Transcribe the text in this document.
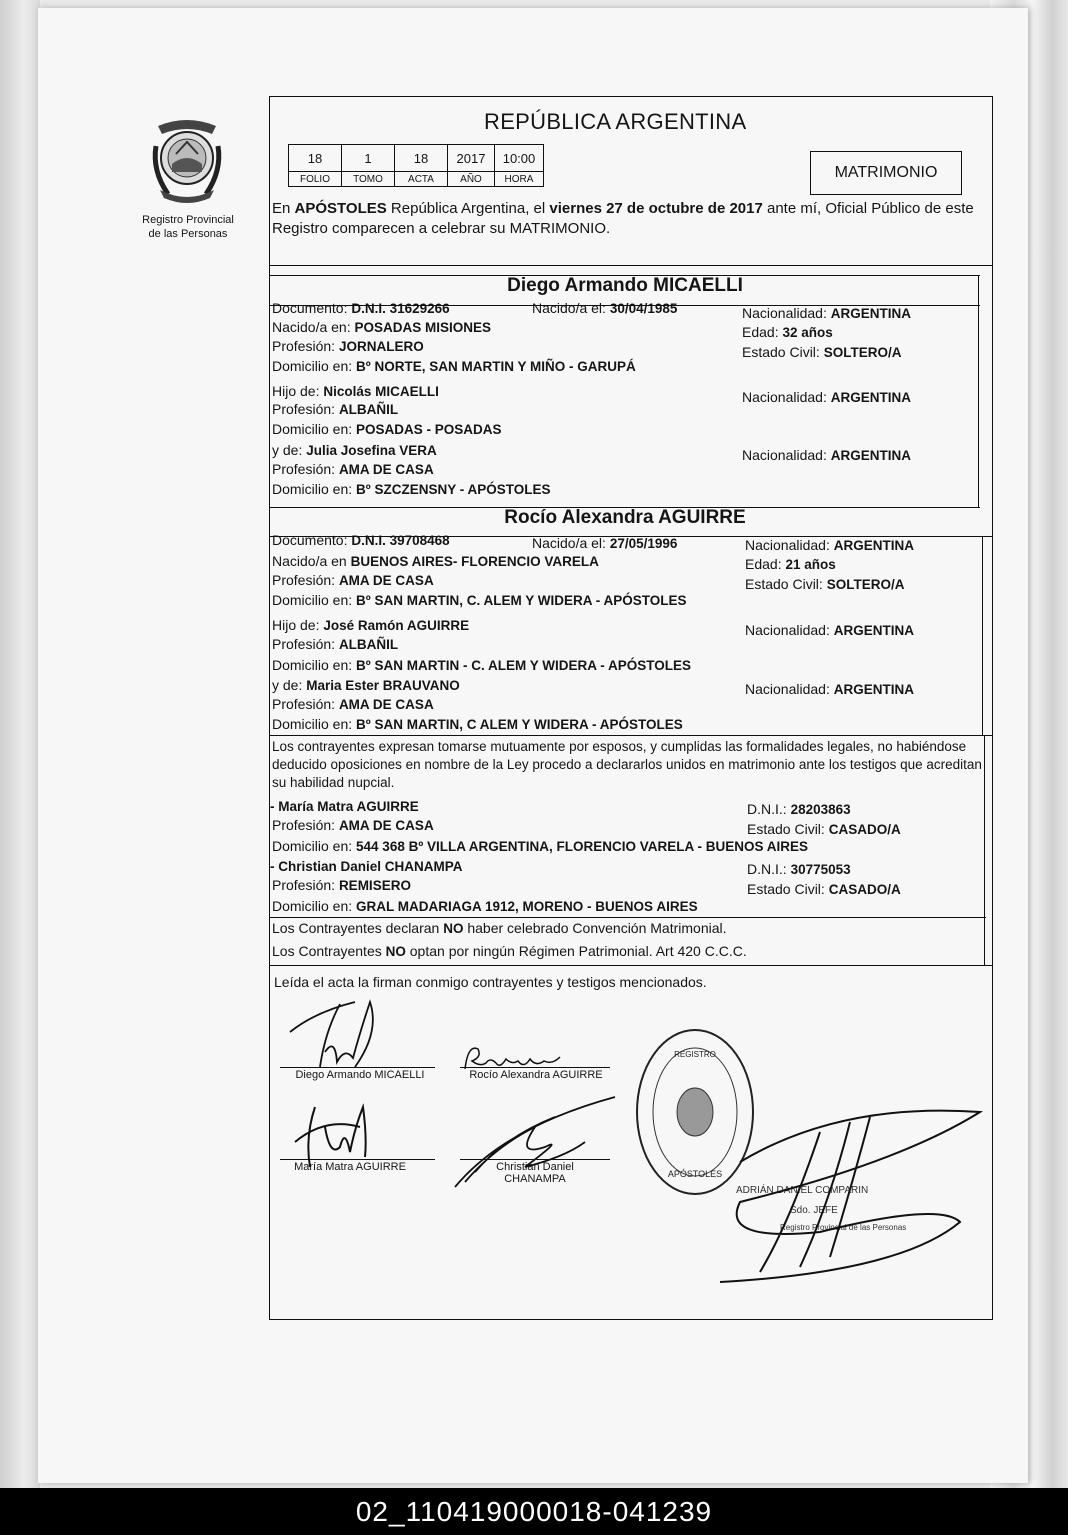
Registro Provincial
de las Personas
REPÚBLICA ARGENTINA
18	1	18	2017	10:00
FOLIO	TOMO	ACTA	AÑO	HORA	MATRIMONIO
En APÓSTOLES República Argentina, el viernes 27 de octubre de 2017 ante mí, Oficial Público de este Registro comparecen a celebrar su MATRIMONIO.
Diego Armando MICAELLI
Documento: D.N.I. 31629266	Nacido/a el: 30/04/1985	Nacionalidad: ARGENTINA
Nacido/a en: POSADAS MISIONES	Edad: 32 años
Profesión: JORNALERO	Estado Civil: SOLTERO/A
Domicilio en: Bº NORTE, SAN MARTIN Y MIÑO - GARUPÁ
Hijo de: Nicolás MICAELLI	Nacionalidad: ARGENTINA
Profesión: ALBAÑIL
Domicilio en: POSADAS - POSADAS
y de: Julia Josefina VERA	Nacionalidad: ARGENTINA
Profesión: AMA DE CASA
Domicilio en: Bº SZCZENSNY - APÓSTOLES
Rocío Alexandra AGUIRRE
Documento: D.N.I. 39708468	Nacido/a el: 27/05/1996	Nacionalidad: ARGENTINA
Nacido/a en BUENOS AIRES- FLORENCIO VARELA	Edad: 21 años
Profesión: AMA DE CASA	Estado Civil: SOLTERO/A
Domicilio en: Bº SAN MARTIN, C. ALEM Y WIDERA - APÓSTOLES
Hijo de: José Ramón AGUIRRE	Nacionalidad: ARGENTINA
Profesión: ALBAÑIL
Domicilio en: Bº SAN MARTIN - C. ALEM Y WIDERA - APÓSTOLES
y de: Maria Ester BRAUVANO	Nacionalidad: ARGENTINA
Profesión: AMA DE CASA
Domicilio en: Bº SAN MARTIN, C ALEM Y WIDERA - APÓSTOLES
Los contrayentes expresan tomarse mutuamente por esposos, y cumplidas las formalidades legales, no habiéndose deducido oposiciones en nombre de la Ley procedo a declararlos unidos en matrimonio ante los testigos que acreditan su habilidad nupcial.
- María Matra AGUIRRE	D.N.I.: 28203863
Profesión: AMA DE CASA	Estado Civil: CASADO/A
Domicilio en: 544 368 Bº VILLA ARGENTINA, FLORENCIO VARELA - BUENOS AIRES
- Christian Daniel CHANAMPA	D.N.I.: 30775053
Profesión: REMISERO	Estado Civil: CASADO/A
Domicilio en: GRAL MADARIAGA 1912, MORENO - BUENOS AIRES
Los Contrayentes declaran NO haber celebrado Convención Matrimonial.
Los Contrayentes NO optan por ningún Régimen Patrimonial. Art 420 C.C.C.
Leída el acta la firman conmigo contrayentes y testigos mencionados.
Diego Armando MICAELLI	Rocío Alexandra AGUIRRE
María Matra AGUIRRE	Christian Daniel
CHANAMPA
REGISTRO
APÓSTOLES
ADRIÁN DANIEL COMPARIN
Sdo. JEFE
Registro Provincial de las Personas
02_110419000018-041239
